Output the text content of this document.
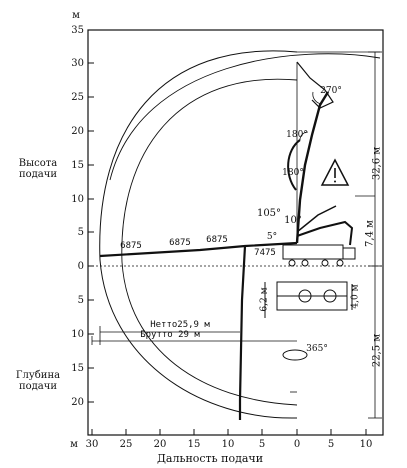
Высота
подачи
Глубина
подачи
Дальность подачи
м
м
35
30
25
20
15
10
5
0
5
10
15
20
30	25	20	15	10	5	0	5	10
6875	6875	6875
7475
270°
180°
180°
105°
10°
5°
365°
Нетто25,9 м
Брутто 29 м
32,6 м
7,4 м
22,5 м
6,2 м	4,0 м
